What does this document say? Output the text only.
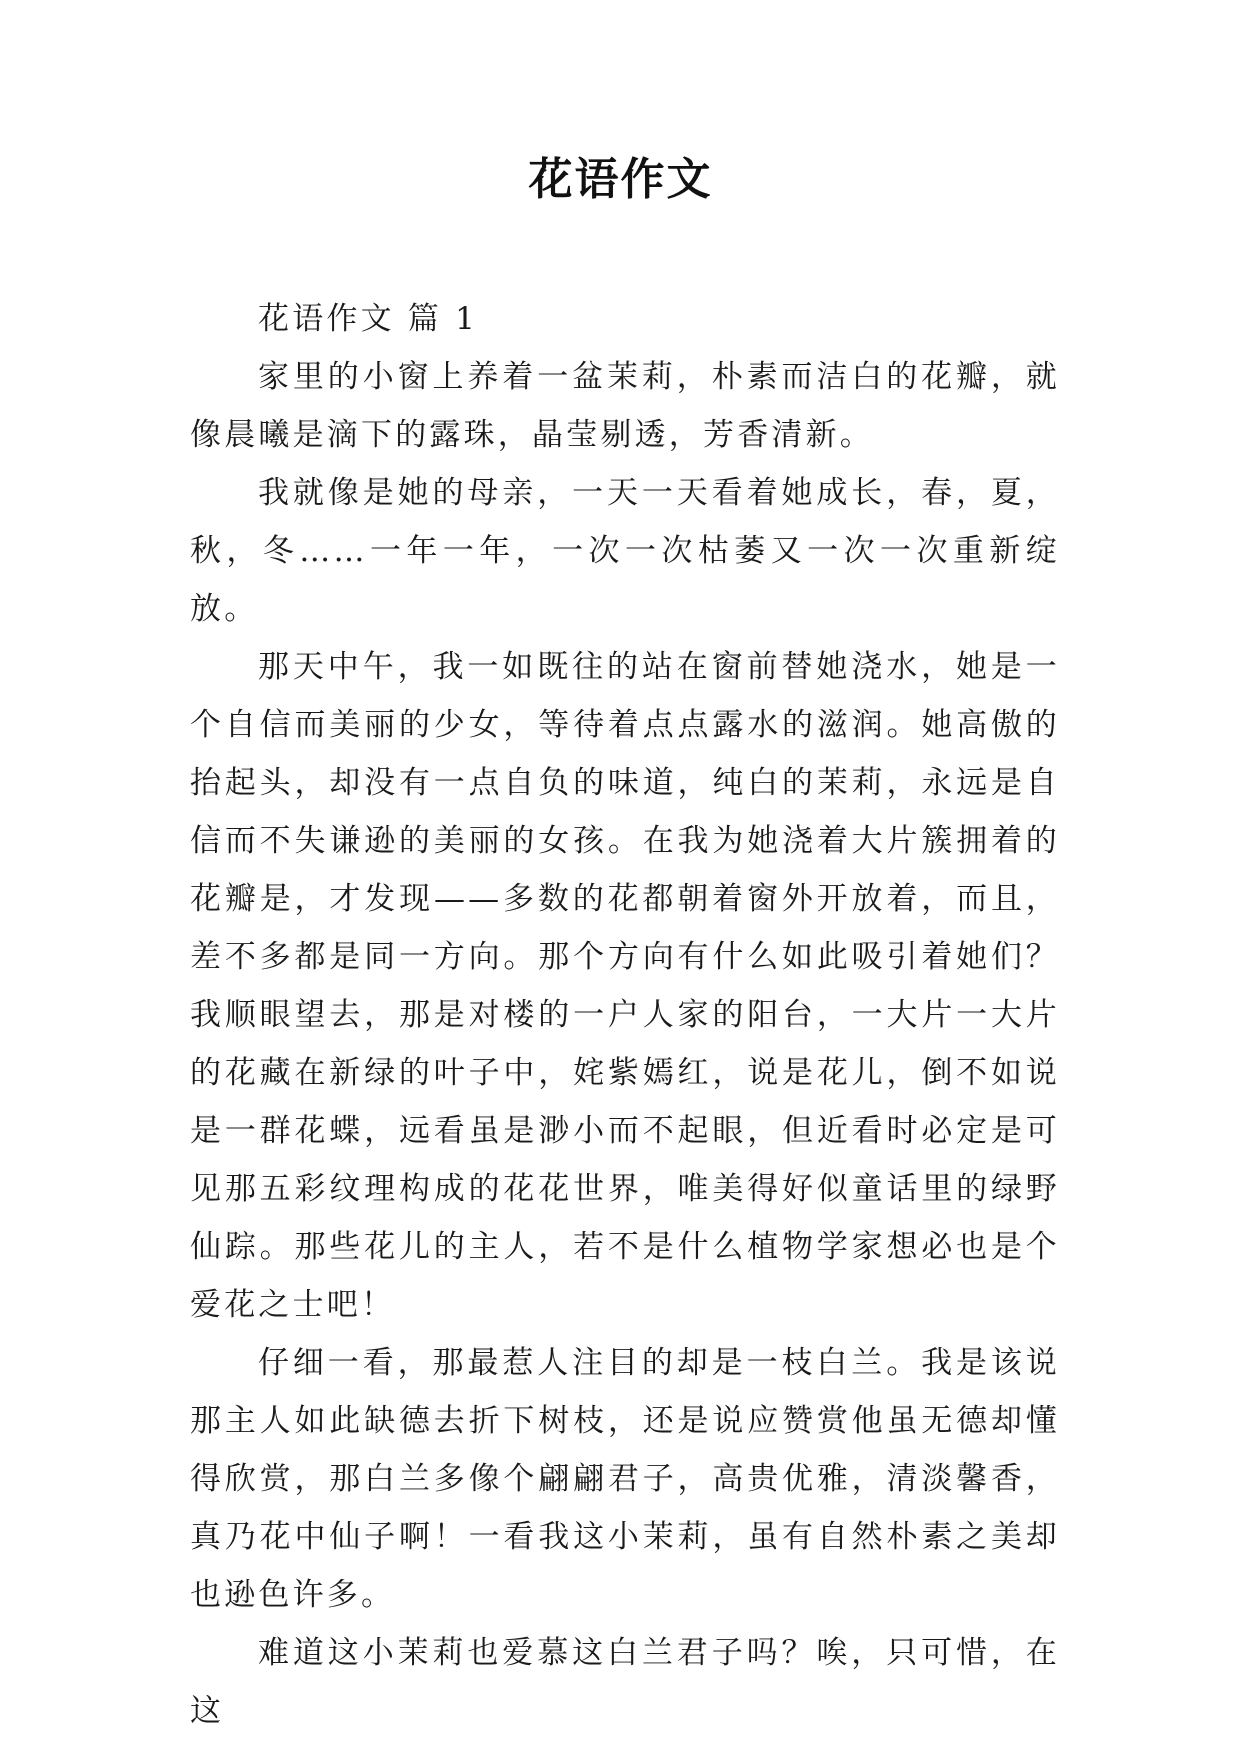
花语作文

花语作文 篇 1

家里的小窗上养着一盆茉莉，朴素而洁白的花瓣，就像晨曦是滴下的露珠，晶莹剔透，芳香清新。

我就像是她的母亲，一天一天看着她成长，春，夏，秋，冬……一年一年，一次一次枯萎又一次一次重新绽放。

那天中午，我一如既往的站在窗前替她浇水，她是一个自信而美丽的少女，等待着点点露水的滋润。她高傲的抬起头，却没有一点自负的味道，纯白的茉莉，永远是自信而不失谦逊的美丽的女孩。在我为她浇着大片簇拥着的花瓣是，才发现——多数的花都朝着窗外开放着，而且，差不多都是同一方向。那个方向有什么如此吸引着她们？我顺眼望去，那是对楼的一户人家的阳台，一大片一大片的花藏在新绿的叶子中，姹紫嫣红，说是花儿，倒不如说是一群花蝶，远看虽是渺小而不起眼，但近看时必定是可见那五彩纹理构成的花花世界，唯美得好似童话里的绿野仙踪。那些花儿的主人，若不是什么植物学家想必也是个爱花之士吧！

仔细一看，那最惹人注目的却是一枝白兰。我是该说那主人如此缺德去折下树枝，还是说应赞赏他虽无德却懂得欣赏，那白兰多像个翩翩君子，高贵优雅，清淡馨香，真乃花中仙子啊！一看我这小茉莉，虽有自然朴素之美却也逊色许多。

难道这小茉莉也爱慕这白兰君子吗？唉，只可惜，在这
